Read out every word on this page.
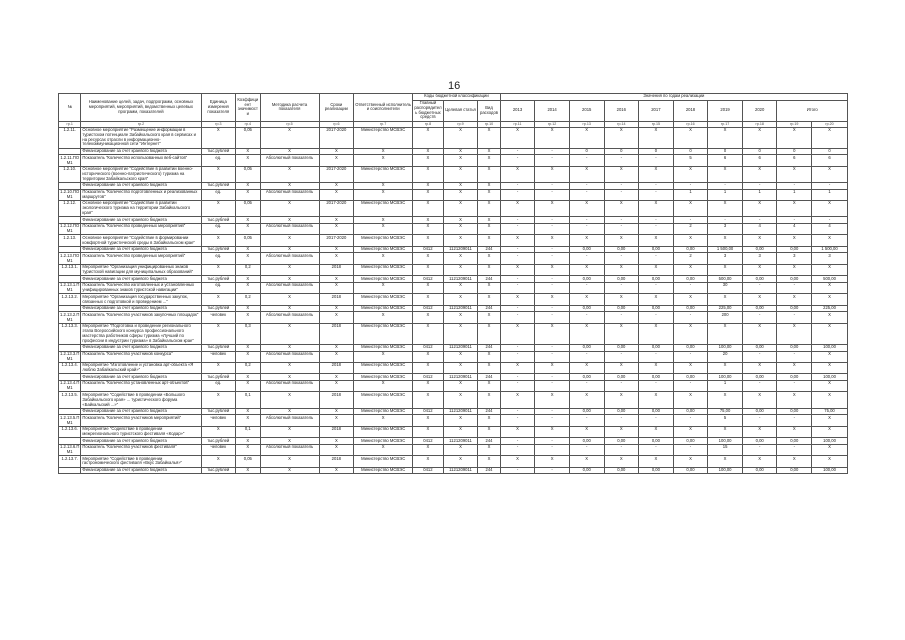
16
№	Наименование целей, задач, подпрограмм, основных мероприятий, мероприятий, ведомственных целевых программ, показателей	Единица измерения показателя	Коэффициент значимости	Методика расчета показателя	Сроки реализации	Ответственный исполнитель и соисполнители	Коды бюджетной классификации			Значения по годам реализации									
							Главный распорядитель бюджетных средств	Целевая статья	Вид расходов	2013	2014	2015	2016	2017	2018	2019	2020	Итого	
гр.1	гр.2	гр.3	гр.4	гр.5	гр.6	гр.7	гр.8	гр.9	гр.10	гр.11	гр.12	гр.13	гр.14	гр.15	гр.16	гр.17	гр.18	гр.19	гр.20
1.2.11.	Основное мероприятие "Размещение информации в туристском потенциале Забайкальского края в сервисах и на ресурсах отрасли в информационно-телекоммуникационной сети "Интернет"	X	0,05	X	2017-2020	Министерство МСВЭС	X	X	X	X	X	X	X	X	X	X	X	X	X
	Финансирование за счет краевого бюджета	тыс.рублей	X	X	X	X	X	X	X	-	-	0	0	0	0	0	0	0	0
1.2.11.ПОМ1	Показатель "Количество использованных веб-сайтов"	ед.	X	Абсолютный показатель	X	X	X	X	X	-	-	-	-	-	5	6	6	6	6
1.2.10.	Основное мероприятие "Содействие в развитии военно-исторического (военно-патриотического) туризма на территории Забайкальского края"	X	0,05	X	2017-2020	Министерство МСВЭС	X	X	X	X	X	X	X	X	X	X	X	X	X
	Финансирование за счет краевого бюджета	тыс.рублей	X	X	X	X	X	X	X	-	-	-	-	-	-	-	-	-	-
1.2.10.ПОМ1	Показатель "Количество подготовленных и реализованных маршрутов"	ед.	X	Абсолютный показатель	X	X	X	X	X	-	-	-	-	-	1	1	1	1	1
1.2.12.	Основное мероприятие "Содействие в развитии экологического туризма на территории Забайкальского края"	X	0,05	X	2017-2020	Министерство МСВЭС	X	X	X	X	X	X	X	X	X	X	X	X	X
	Финансирование за счет краевого бюджета	тыс.рублей	X	X	X	X	X	X	X	-	-	-	-	-	-	-	-	-	-
1.2.12.ПОМ1	Показатель "Количество проведенных мероприятий"	ед.	X	Абсолютный показатель	X	X	X	X	X	-	-	-	-	-	2	3	4	4	4
1.2.13.	Основное мероприятие "Содействие в формировании комфортной туристической среды в Забайкальском крае"	X	0,05	X	2017-2020	Министерство МСВЭС	X	X	X	X	X	X	X	X	X	X	X	X	X
	Финансирование за счет краевого бюджета	тыс.рублей	X	X	X	Министерство МСВЭС	0412	1121209011	244	-	-	0,00	0,00	0,00	0,00	1 500,00	0,00	0,00	1 500,00
1.2.13.ПОМ1	Показатель "Количество проведенных мероприятий"	ед.	X	Абсолютный показатель	X	X	X	X	X	-	-	-	-	-	2	3	3	3	3
1.2.13.1.	Мероприятие "Организация унифицированных знаков туристской навигации для муниципальных образований"	X	0,2	X	2018	Министерство МСВЭС	X	X	X	X	X	X	X	X	X	X	X	X	X
	Финансирование за счет краевого бюджета	тыс.рублей	X	X	X	Министерство МСВЭС	0412	1121209011	244	-	-	0,00	0,00	0,00	0,00	500,00	0,00	0,00	500,00
1.2.13.1.ПМ1	Показатель "Количество изготовленных и установленных унифицированных знаков туристской навигации"	ед.	X	Абсолютный показатель	X	X	X	X	X	-	-	-	-	-	-	30	-	-	X
1.2.13.2.	Мероприятие "Организация государственных закупок, связанных с подготовкой и проведением ..."	X	0,2	X	2018	Министерство МСВЭС	X	X	X	X	X	X	X	X	X	X	X	X	X
	Финансирование за счет краевого бюджета	тыс.рублей	X	X	X	Министерство МСВЭС	0412	1121209011	244	-	-	0,00	0,00	0,00	0,00	225,00	0,00	0,00	225,00
1.2.13.2.ПМ1	Показатель "Количество участников закупочных площадок"	человек	X	Абсолютный показатель	X	X	X	X	X	-	-	-	-	-	-	200	-	-	X
1.2.13.3.	Мероприятие "Подготовка и проведение регионального этапа Всероссийского конкурса профессионального мастерства работников сферы туризма «Лучший по профессии в индустрии туризма» в Забайкальском крае"	X	0,3	X	2018	Министерство МСВЭС	X	X	X	X	X	X	X	X	X	X	X	X	X
	Финансирование за счет краевого бюджета	тыс.рублей	X	X	X	Министерство МСВЭС	0412	1121209011	244	-	-	0,00	0,00	0,00	0,00	100,00	0,00	0,00	100,00
1.2.13.3.ПМ1	Показатель "Количество участников конкурса"	человек	X	Абсолютный показатель	X	X	X	X	X	-	-	-	-	-	-	20	-	-	X
1.2.13.4.	Мероприятие "Изготовление и установка арт-объекта «Я люблю Забайкальский край»"	X	0,2	X	2018	Министерство МСВЭС	X	X	X	X	X	X	X	X	X	X	X	X	X
	Финансирование за счет краевого бюджета	тыс.рублей	X	X	X	Министерство МСВЭС	0412	1121209011	244	-	-	0,00	0,00	0,00	0,00	100,00	0,00	0,00	100,00
1.2.13.4.ПМ1	Показатель "Количество установленных арт-объектов"	ед.	X	Абсолютный показатель	X	X	X	X	X	-	-	-	-	-	-	1	-	-	X
1.2.13.5.	Мероприятие "Содействие в проведении «Большого Забайкальского края» ... туристического форума «Байкальский ...»"	X	0,1	X	2018	Министерство МСВЭС	X	X	X	X	X	X	X	X	X	X	X	X	X
	Финансирование за счет краевого бюджета	тыс.рублей	X	X	X	Министерство МСВЭС	0412	1121209011	244	-	-	0,00	0,00	0,00	0,00	75,00	0,00	0,00	75,00
1.2.13.5.ПМ1	Показатель "Количество участников мероприятий"	человек	X	Абсолютный показатель	X	X	X	X	X	-	-	-	-	-	-	5	-	-	X
1.2.13.6.	Мероприятие "Содействие в проведении межрегионального туристского фестиваля «Кодар»"	X	0,1	X	2018	Министерство МСВЭС	X	X	X	X	X	X	X	X	X	X	X	X	X
	Финансирование за счет краевого бюджета	тыс.рублей	X	X	X	Министерство МСВЭС	0412	1121209011	244	-	-	0,00	0,00	0,00	0,00	100,00	0,00	0,00	100,00
1.2.13.6.ПМ1	Показатель "Количество участников фестиваля"	человек	X	Абсолютный показатель	X	X	X	X	X	-	-	-	-	-	-	15	-	-	X
1.2.13.7.	Мероприятие "Содействие в проведении гастрономического фестиваля «Вкус Забайкалья»"	X	0,05	X	2018	Министерство МСВЭС	X	X	X	X	X	X	X	X	X	X	X	X	X
	Финансирование за счет краевого бюджета	тыс.рублей	X	X	X	Министерство МСВЭС	0412	1121209011	244	-	-	0,00	0,00	0,00	0,00	100,00	0,00	0,00	100,00
